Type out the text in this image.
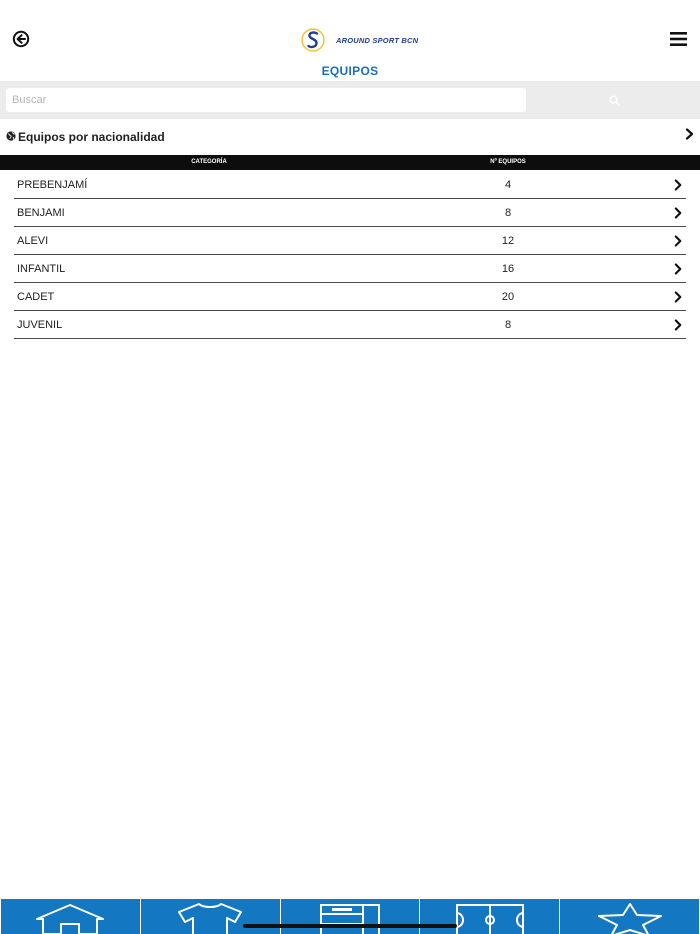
AROUND SPORT BCN
EQUIPOS
Buscar
Equipos por nacionalidad
CATEGORÍA	Nº EQUIPOS
PREBENJAMÍ	4
BENJAMI	8
ALEVI	12
INFANTIL	16
CADET	20
JUVENIL	8
